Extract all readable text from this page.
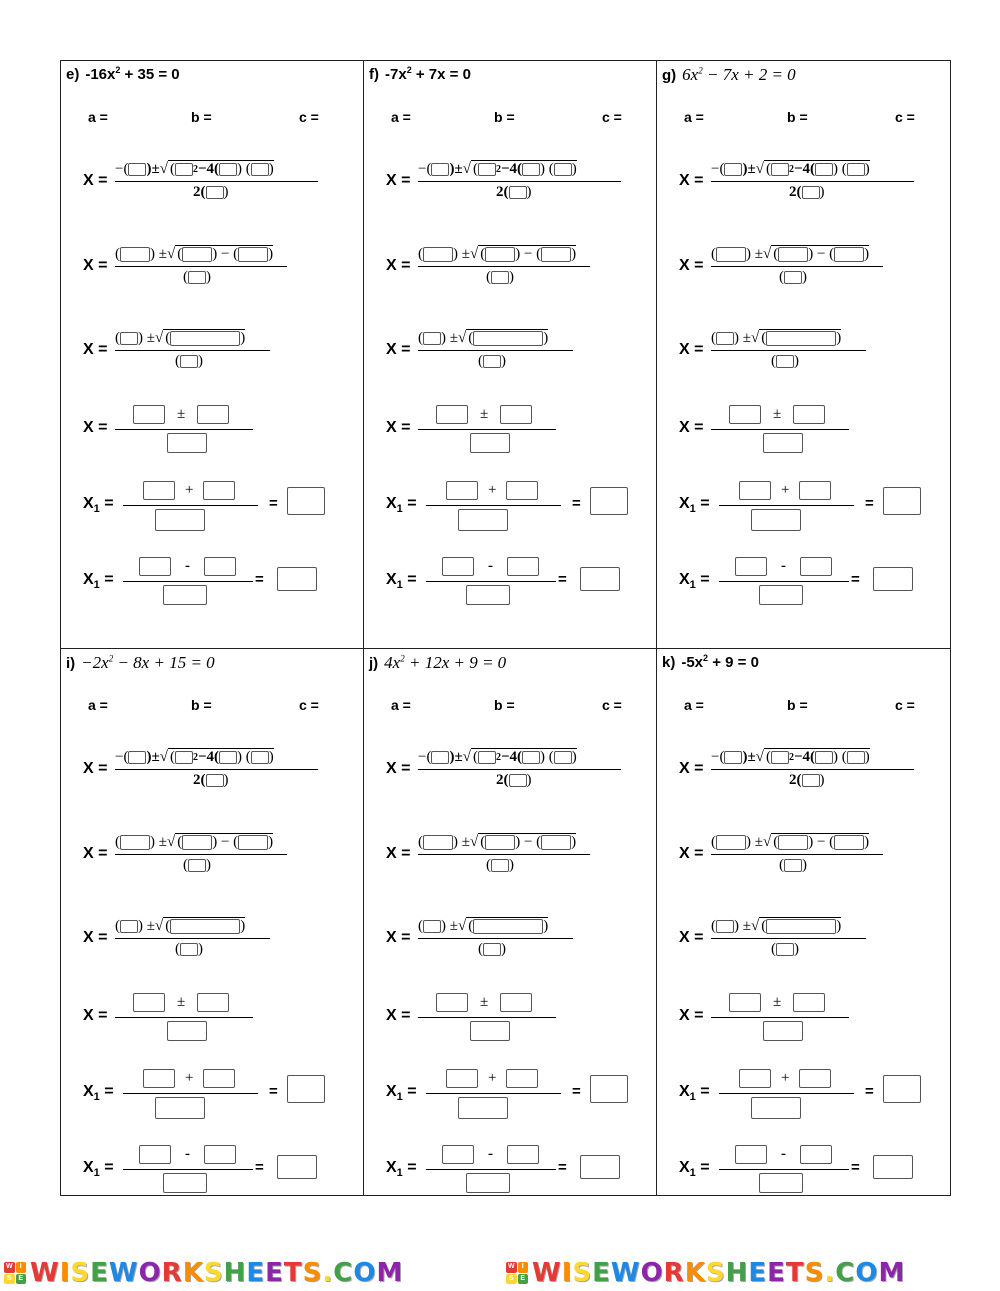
e) $-16x^2 + 35 = 0$
a =	b =	c =
X =
−( )±√ ( 2 −4( ) ( )
2( )
X =
( ) ±√ ( ) − ( )
( )
X =
( ) ±√ (	)
( )
X =
±
$X_1$ =
+
=
$X_1$ =
-
=
f) $-7x^2 + 7x = 0$
a =	b =	c =
X =
−( )±√ ( 2 −4( ) ( )
2( )
X =
( ) ±√ ( ) − ( )
( )
X =
( ) ±√ (	)
( )
X =
±
$X_1$ =
+
=
$X_1$ =
-
=
g) $6x^2 - 7x + 2 = 0$
a =	b =	c =
X =
−( )±√ ( 2 −4( ) ( )
2( )
X =
( ) ±√ ( ) − ( )
( )
X =
( ) ±√ (	)
( )
X =
±
$X_1$ =
+
=
$X_1$ =
-
=
$i) -2x^2 - 8x + 15 = 0$
a =	b =	c =
X =
−( )±√ ( 2 −4( ) ( )
2( )
X =
( ) ±√ ( ) − ( )
( )
X =
( ) ±√ (	)
( )
X =
±
$X_1$ =
+
=
$X_1$ =
-
=
j) $4x^2 + 12x + 9 = 0$
a =	b =	c =
X =
−( )±√ ( 2 −4( ) ( )
2( )
X =
( ) ±√ ( ) − ( )
( )
X =
( ) ±√ (	)
( )
X =
±
$X_1$ =
+
=
$X_1$ =
-
=
k) $-5x^2 + 9 = 0$
a =	b =	c =
X =
−( )±√ ( 2 −4( ) ( )
2( )
X =
( ) ±√ ( ) − ( )
( )
X =
( ) ±√ (	)
( )
X =
±
$X_1$ =
+
=
$X_1$ =
-
=
W	I
S E WISEWORKSHEETS.COM	W	I
S E WISEWORKSHEETS.COM
